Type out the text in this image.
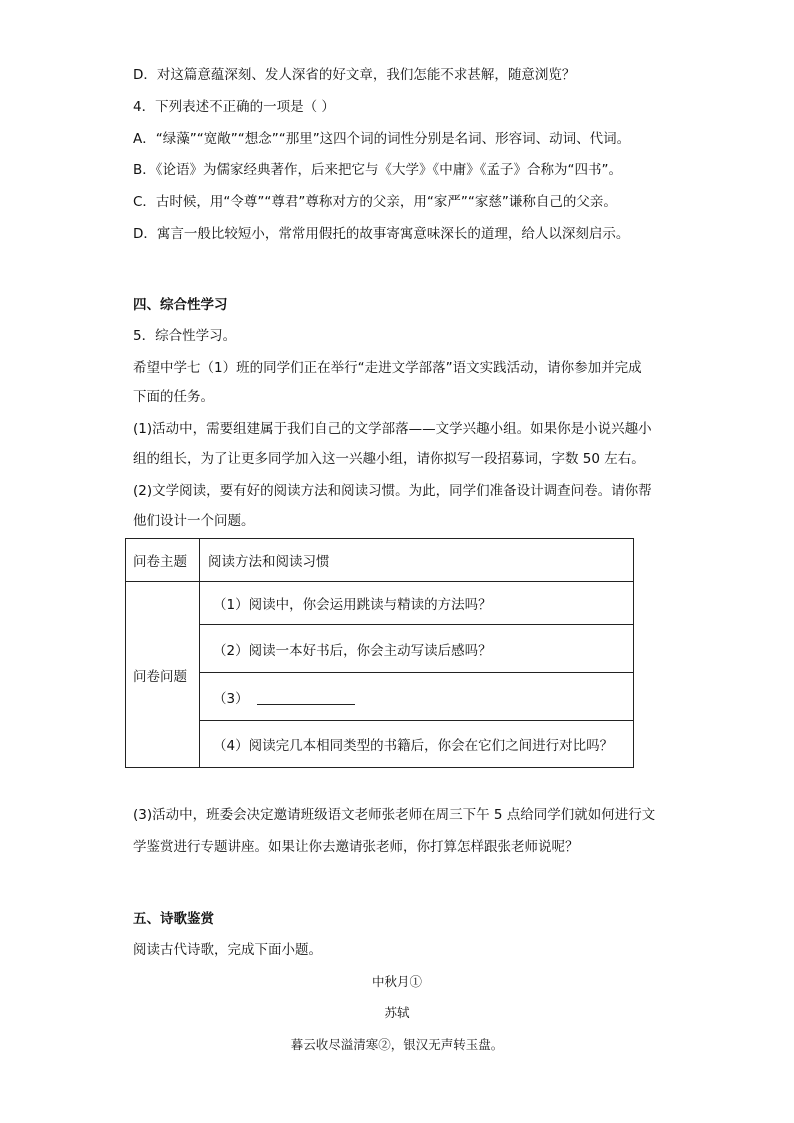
D．对这篇意蕴深刻、发人深省的好文章，我们怎能不求甚解，随意浏览？
4．下列表述不正确的一项是（ ）
A．“绿藻”“宽敞”“想念”“那里”这四个词的词性分别是名词、形容词、动词、代词。
B．《论语》为儒家经典著作，后来把它与《大学》《中庸》《孟子》合称为“四书”。
C．古时候，用“令尊”“尊君”尊称对方的父亲，用“家严”“家慈”谦称自己的父亲。
D．寓言一般比较短小，常常用假托的故事寄寓意味深长的道理，给人以深刻启示。
四、综合性学习
5．综合性学习。
希望中学七（1）班的同学们正在举行“走进文学部落”语文实践活动，请你参加并完成
下面的任务。
(1)活动中，需要组建属于我们自己的文学部落——文学兴趣小组。如果你是小说兴趣小
组的组长，为了让更多同学加入这一兴趣小组，请你拟写一段招募词，字数 50 左右。
(2)文学阅读，要有好的阅读方法和阅读习惯。为此，同学们准备设计调查问卷。请你帮
他们设计一个问题。
问卷主题	阅读方法和阅读习惯
问卷问题	（1）阅读中，你会运用跳读与精读的方法吗？
	（2）阅读一本好书后，你会主动写读后感吗？
	（3）
	（4）阅读完几本相同类型的书籍后，你会在它们之间进行对比吗？
(3)活动中，班委会决定邀请班级语文老师张老师在周三下午 5 点给同学们就如何进行文
学鉴赏进行专题讲座。如果让你去邀请张老师，你打算怎样跟张老师说呢？
五、诗歌鉴赏
阅读古代诗歌，完成下面小题。
中秋月①
苏轼
暮云收尽溢清寒②，银汉无声转玉盘。
